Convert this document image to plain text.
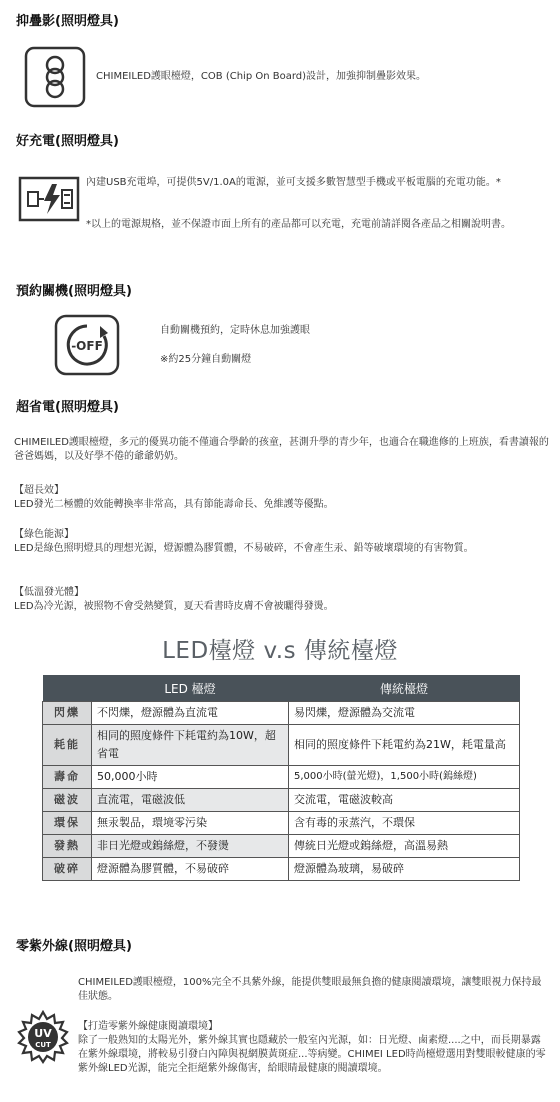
抑疊影(照明燈具)
CHIMEILED護眼檯燈，COB (Chip On Board)設計，加強抑制疊影效果。
好充電(照明燈具)
內建USB充電埠，可提供5V/1.0A的電源，並可支援多數智慧型手機或平板電腦的充電功能。*
*以上的電源規格，並不保證市面上所有的產品都可以充電，充電前請詳閱各產品之相關說明書。
預約關機(照明燈具)
-OFF
自動關機預約，定時休息加強護眼
※約25分鐘自動關燈
超省電(照明燈具)
CHIMEILED護眼檯燈，多元的優異功能不僅適合學齡的孩童，甚測升學的青少年，也適合在職進修的上班族，看書讀報的爸爸媽媽，以及好學不倦的爺爺奶奶。
【超長效】
LED發光二極體的效能轉換率非常高，具有節能壽命長、免維護等優點。
【綠色能源】
LED是綠色照明燈具的理想光源，燈源體為膠質體，不易破碎，不會產生汞、鉛等破壞環境的有害物質。
【低溫發光體】
LED為冷光源，被照物不會受熱變質，夏天看書時皮膚不會被曬得發燙。
LED檯燈 v.s 傳統檯燈
	LED 檯燈	傳統檯燈
閃爍	不閃爍，燈源體為直流電	易閃爍，燈源體為交流電
耗能	相同的照度條件下耗電約為10W，超省電	相同的照度條件下耗電約為21W，耗電量高
壽命	50,000小時	5,000小時(螢光燈)，1,500小時(鎢絲燈)
磁波	直流電，電磁波低	交流電，電磁波較高
環保	無汞製品，環境零污染	含有毒的汞蒸汽，不環保
發熱	非日光燈或鎢絲燈，不發燙	傳統日光燈或鎢絲燈，高溫易熱
破碎	燈源體為膠質體，不易破碎	燈源體為玻璃，易破碎
零紫外線(照明燈具)
CHIMEILED護眼檯燈，100%完全不具紫外線，能提供雙眼最無負擔的健康閱讀環境，讓雙眼視力保持最佳狀態。
UV
CUT
【打造零紫外線健康閱讀環境】
除了一般熟知的太陽光外，紫外線其實也隱藏於一般室內光源，如：日光燈、鹵素燈....之中，而長期暴露在紫外線環境，將較易引發白內障與視網膜黃斑症...等病變。CHIMEI LED時尚檯燈選用對雙眼較健康的零紫外線LED光源，能完全拒絕紫外線傷害，給眼睛最健康的閱讀環境。
